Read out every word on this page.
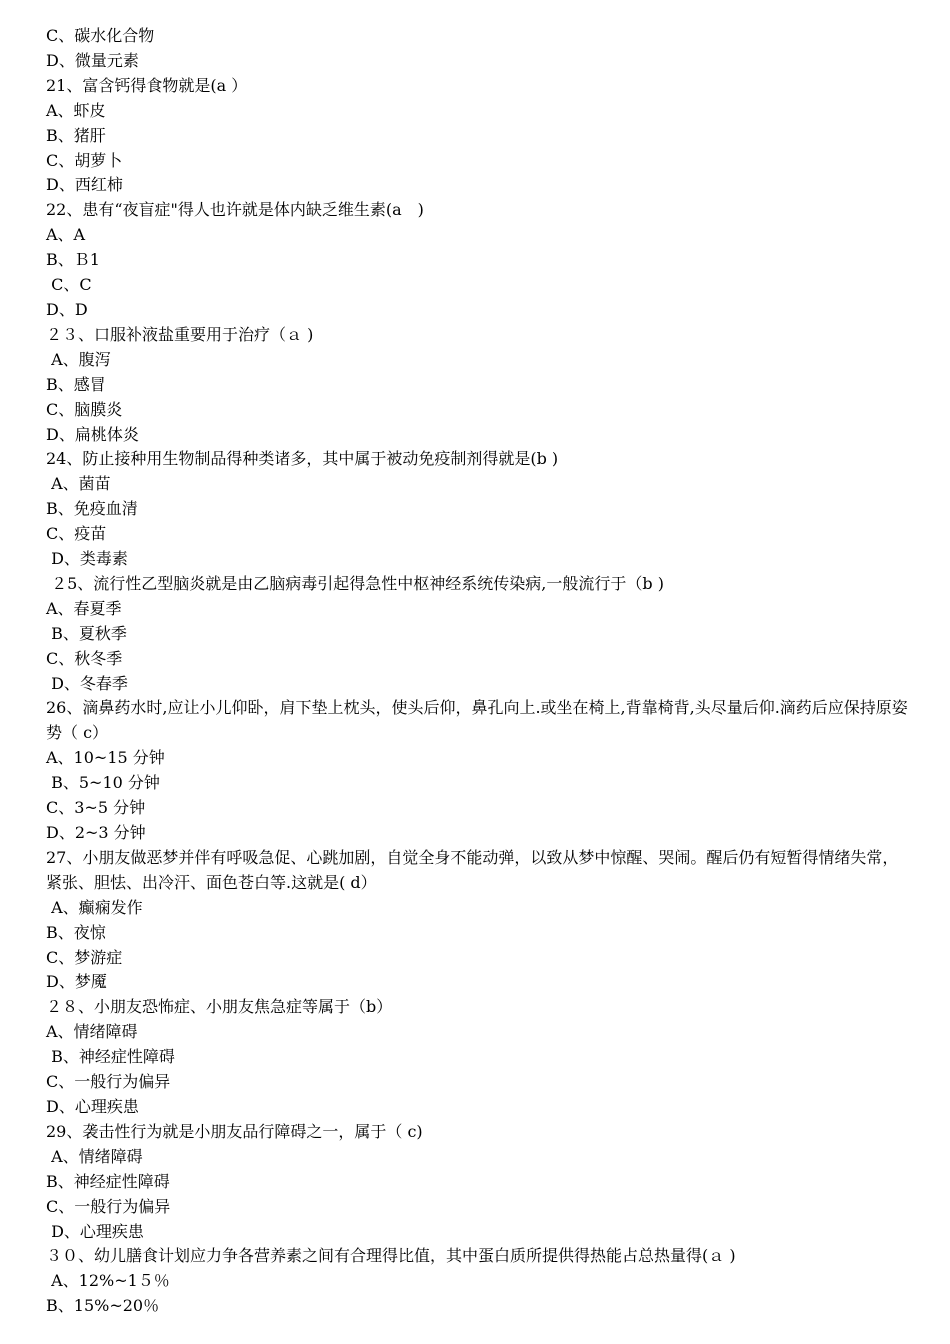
C、碳水化合物

D、微量元素

21、富含钙得食物就是(a ）

A、虾皮

B、猪肝

C、胡萝卜

D、西红柿

22、患有“夜盲症"得人也许就是体内缺乏维生素(a　)

A、A

B、Ｂ1

C、C

D、D

２３、口服补液盐重要用于治疗（ａ )

A、腹泻

B、感冒

C、脑膜炎

D、扁桃体炎

24、防止接种用生物制品得种类诸多，其中属于被动免疫制剂得就是(b )

A、菌苗

B、免疫血清

C、疫苗

D、类毒素

２5、流行性乙型脑炎就是由乙脑病毒引起得急性中枢神经系统传染病,一般流行于（b )

A、春夏季

B、夏秋季

C、秋冬季

D、冬春季

26、滴鼻药水时,应让小儿仰卧，肩下垫上枕头，使头后仰，鼻孔向上.或坐在椅上,背靠椅背,头尽量后仰.滴药后应保持原姿势（ c）

A、10~15 分钟

B、5~10 分钟

C、3~5 分钟

D、2~3 分钟

27、小朋友做恶梦并伴有呼吸急促、心跳加剧，自觉全身不能动弹，以致从梦中惊醒、哭闹。醒后仍有短暂得情绪失常，紧张、胆怯、出冷汗、面色苍白等.这就是( d）

A、癫痫发作

B、夜惊

C、梦游症

D、梦魇

２８、小朋友恐怖症、小朋友焦急症等属于（b）

A、情绪障碍

B、神经症性障碍

C、一般行为偏异

D、心理疾患

29、袭击性行为就是小朋友品行障碍之一，属于（ c)

A、情绪障碍

B、神经症性障碍

C、一般行为偏异

D、心理疾患

３０、幼儿膳食计划应力争各营养素之间有合理得比值，其中蛋白质所提供得热能占总热量得(ａ )

A、12%~1５％

B、15%~20％
